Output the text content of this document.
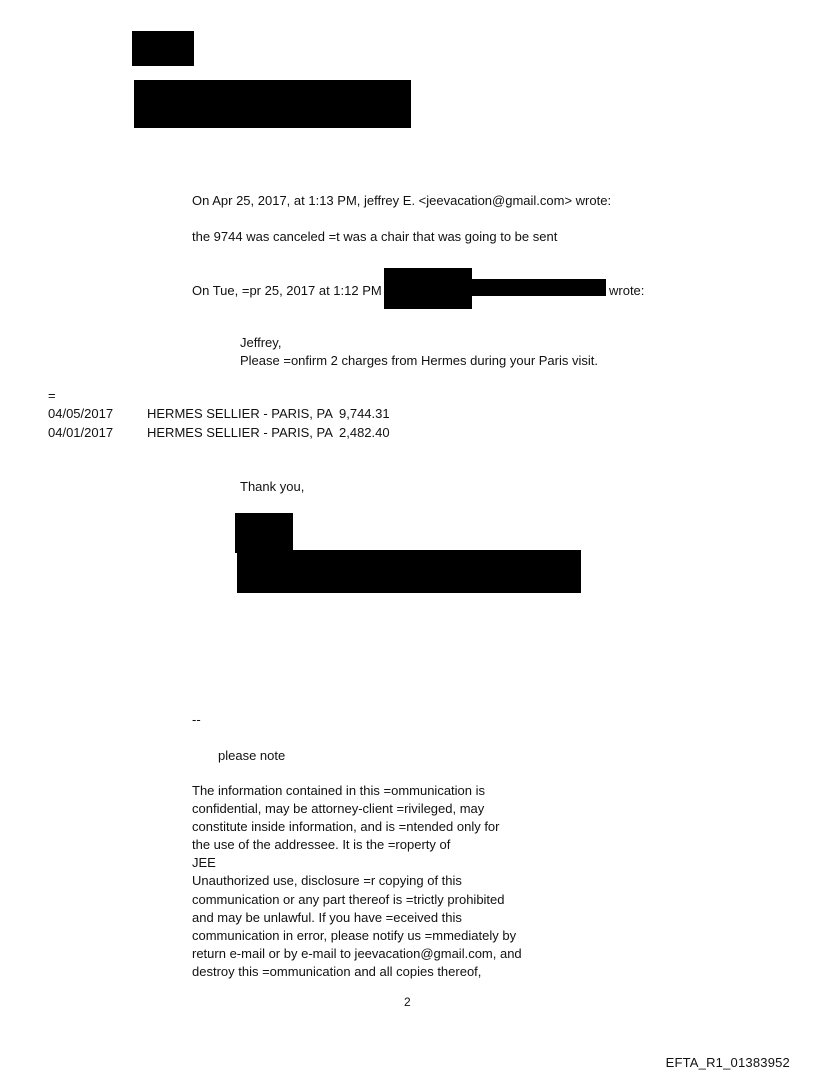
On Apr 25, 2017, at 1:13 PM, jeffrey E. <jeevacation@gmail.com> wrote:
the 9744 was canceled =t was a chair that was going to be sent
On Tue, =pr 25, 2017 at 1:12 PM	wrote:
Jeffrey,
Please =onfirm 2 charges from Hermes during your Paris visit.
=
04/05/2017	HERMES SELLIER - PARIS, PA 9,744.31
04/01/2017	HERMES SELLIER - PARIS, PA 2,482.40
Thank you,
--
please note
The information contained in this =ommunication is
confidential, may be attorney-client =rivileged, may
constitute inside information, and is =ntended only for
the use of the addressee. It is the =roperty of
JEE
Unauthorized use, disclosure =r copying of this
communication or any part thereof is =trictly prohibited
and may be unlawful. If you have =eceived this
communication in error, please notify us =mmediately by
return e-mail or by e-mail to jeevacation@gmail.com, and
destroy this =ommunication and all copies thereof,
2
EFTA_R1_01383952
